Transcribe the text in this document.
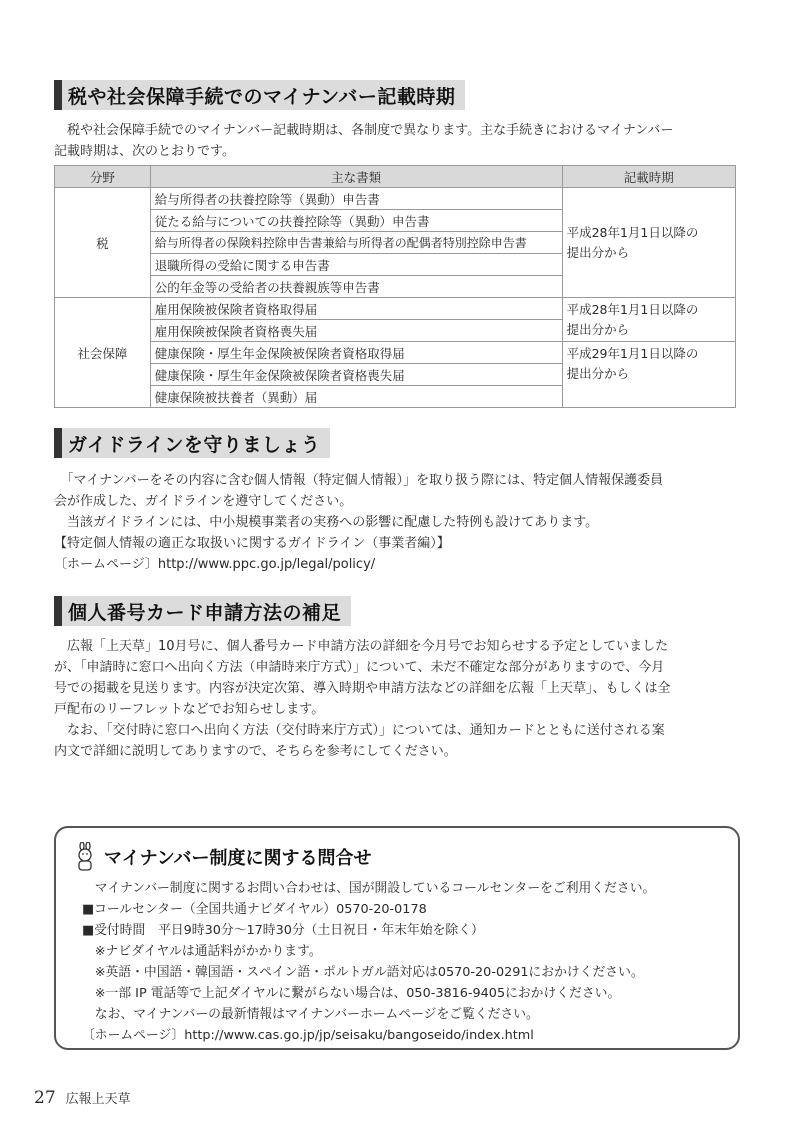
税や社会保障手続でのマイナンバー記載時期

　税や社会保障手続でのマイナンバー記載時期は、各制度で異なります。主な手続きにおけるマイナンバー

記載時期は、次のとおりです。

分野	主な書類	記載時期
税	給与所得者の扶養控除等（異動）申告書	平成28年1月1日以降の
提出分から

	従たる給与についての扶養控除等（異動）申告書	
	給与所得者の保険料控除申告書兼給与所得者の配偶者特別控除申告書	
	退職所得の受給に関する申告書	
	公的年金等の受給者の扶養親族等申告書	
社会保障	雇用保険被保険者資格取得届	平成28年1月1日以降の
提出分から

	雇用保険被保険者資格喪失届	
	健康保険・厚生年金保険被保険者資格取得届	平成29年1月1日以降の
提出分から

	健康保険・厚生年金保険被保険者資格喪失届	
	健康保険被扶養者（異動）届	
ガイドラインを守りましょう

　「マイナンバーをその内容に含む個人情報（特定個人情報）」を取り扱う際には、特定個人情報保護委員

会が作成した、ガイドラインを遵守してください。

　当該ガイドラインには、中小規模事業者の実務への影響に配慮した特例も設けてあります。

【特定個人情報の適正な取扱いに関するガイドライン（事業者編）】

〔ホームページ〕http://www.ppc.go.jp/legal/policy/

個人番号カード申請方法の補足

　広報「上天草」10月号に、個人番号カード申請方法の詳細を今月号でお知らせする予定としていました

が、「申請時に窓口へ出向く方法（申請時来庁方式）」について、未だ不確定な部分がありますので、今月

号での掲載を見送ります。内容が決定次第、導入時期や申請方法などの詳細を広報「上天草」、もしくは全

戸配布のリーフレットなどでお知らせします。

　なお、「交付時に窓口へ出向く方法（交付時来庁方式）」については、通知カードとともに送付される案

内文で詳細に説明してありますので、そちらを参考にしてください。

マイナンバー制度に関する問合せ

　マイナンバー制度に関するお問い合わせは、国が開設しているコールセンターをご利用ください。

■コールセンター（全国共通ナビダイヤル）0570-20-0178

■受付時間　平日9時30分～17時30分（土日祝日・年末年始を除く）

　※ナビダイヤルは通話料がかかります。

　※英語・中国語・韓国語・スペイン語・ポルトガル語対応は0570-20-0291におかけください。

　※一部 IP 電話等で上記ダイヤルに繋がらない場合は、050-3816-9405におかけください。

　なお、マイナンバーの最新情報はマイナンバーホームページをご覧ください。

〔ホームページ〕http://www.cas.go.jp/jp/seisaku/bangoseido/index.html

27 広報上天草
